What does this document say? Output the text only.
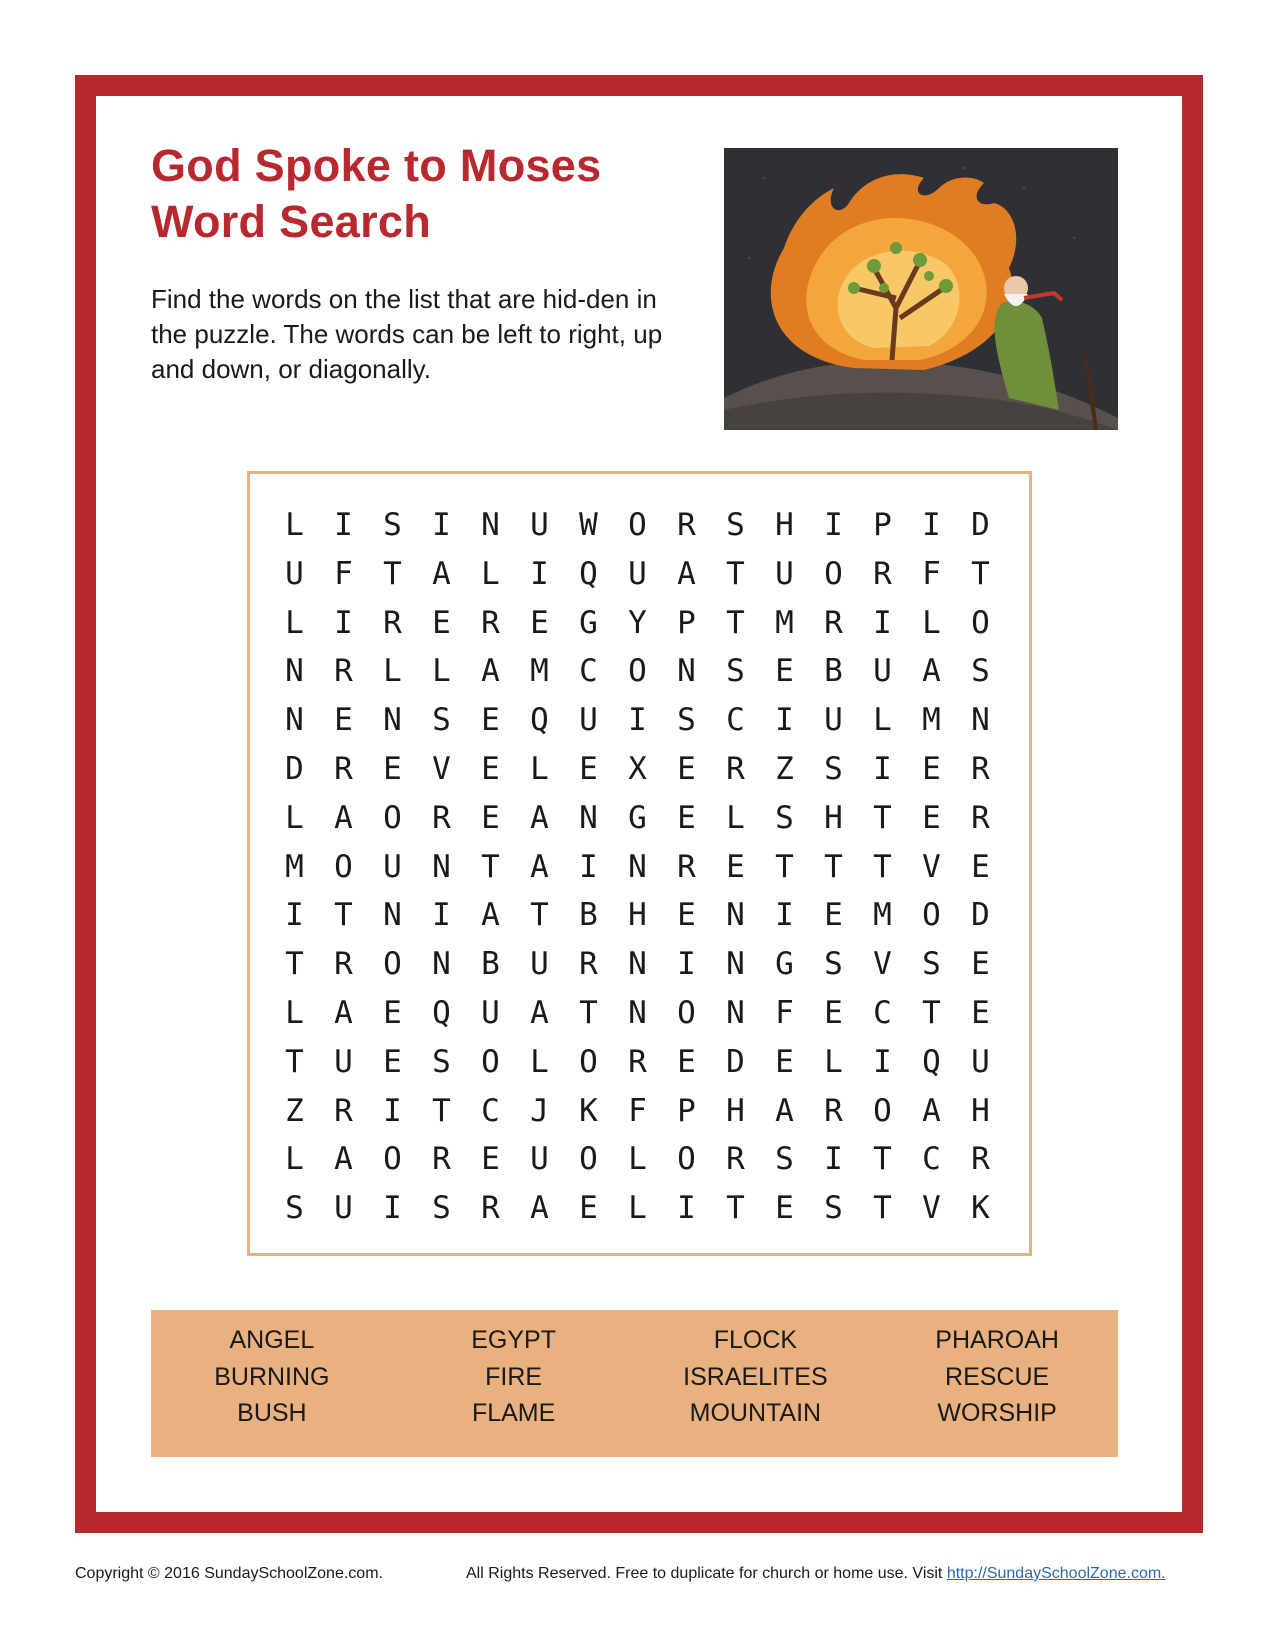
God Spoke to Moses
Word Search

Find the words on the list that are hid-den in the puzzle. The words can be left to right, up and down, or diagonally.

L I S I N U W O R S H I P I D
U F T A L I Q U A T U O R F T
L I R E R E G Y P T M R I L O
N R L L A M C O N S E B U A S
N E N S E Q U I S C I U L M N
D R E V E L E X E R Z S I E R
L A O R E A N G E L S H T E R
M O U N T A I N R E T T T V E
I T N I A T B H E N I E M O D
T R O N B U R N I N G S V S E
L A E Q U A T N O N F E C T E
T U E S O L O R E D E L I Q U
Z R I T C J K F P H A R O A H
L A O R E U O L O R S I T C R
S U I S R A E L I T E S T V K
ANGEL
BURNING
BUSH
EGYPT
FIRE
FLAME
FLOCK
ISRAELITES
MOUNTAIN
PHAROAH
RESCUE
WORSHIP
Copyright © 2016 SundaySchoolZone.com.	All Rights Reserved. Free to duplicate for church or home use. Visit http://SundaySchoolZone.com.
